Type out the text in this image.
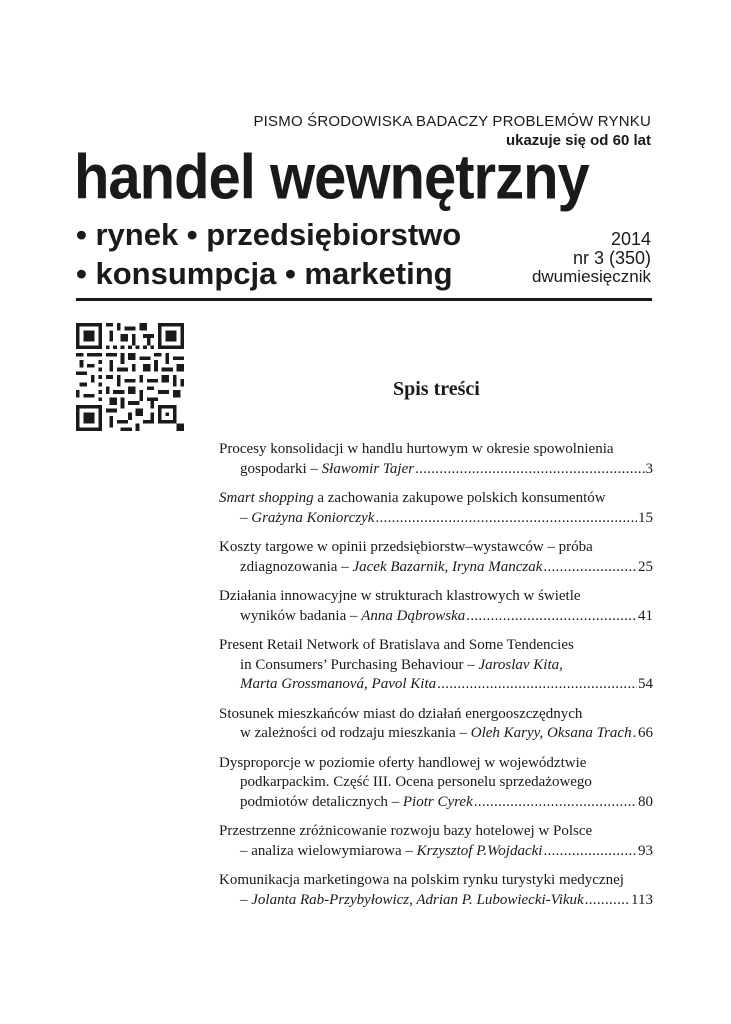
PISMO ŚRODOWISKA BADACZY PROBLEMÓW RYNKU
ukazuje się od 60 lat
handel wewnętrzny
• rynek • przedsiębiorstwo
• konsumpcja • marketing
2014
nr 3 (350)
dwumiesięcznik
Spis treści
Procesy konsolidacji w handlu hurtowym w okresie spowolnienia
gospodarki – Sławomir Tajer .....	3
Smart shopping a zachowania zakupowe polskich konsumentów
– Grażyna Koniorczyk .....	15
Koszty targowe w opinii przedsiębiorstw–wystawców – próba
zdiagnozowania – Jacek Bazarnik, Iryna Manczak .....	25
Działania innowacyjne w strukturach klastrowych w świetle
wyników badania – Anna Dąbrowska .....	41
Present Retail Network of Bratislava and Some Tendencies
in Consumers’ Purchasing Behaviour – Jaroslav Kita,
Marta Grossmanová, Pavol Kita .....	54
Stosunek mieszkańców miast do działań energooszczędnych
w zależności od rodzaju mieszkania – Oleh Karyy, Oksana Trach ..... 66
Dysproporcje w poziomie oferty handlowej w województwie
podkarpackim. Część III. Ocena personelu sprzedażowego
podmiotów detalicznych – Piotr Cyrek .....	80
Przestrzenne zróżnicowanie rozwoju bazy hotelowej w Polsce
– analiza wielowymiarowa – Krzysztof P.Wojdacki .....	93
Komunikacja marketingowa na polskim rynku turystyki medycznej
– Jolanta Rab-Przybyłowicz, Adrian P. Lubowiecki-Vikuk .....	113
